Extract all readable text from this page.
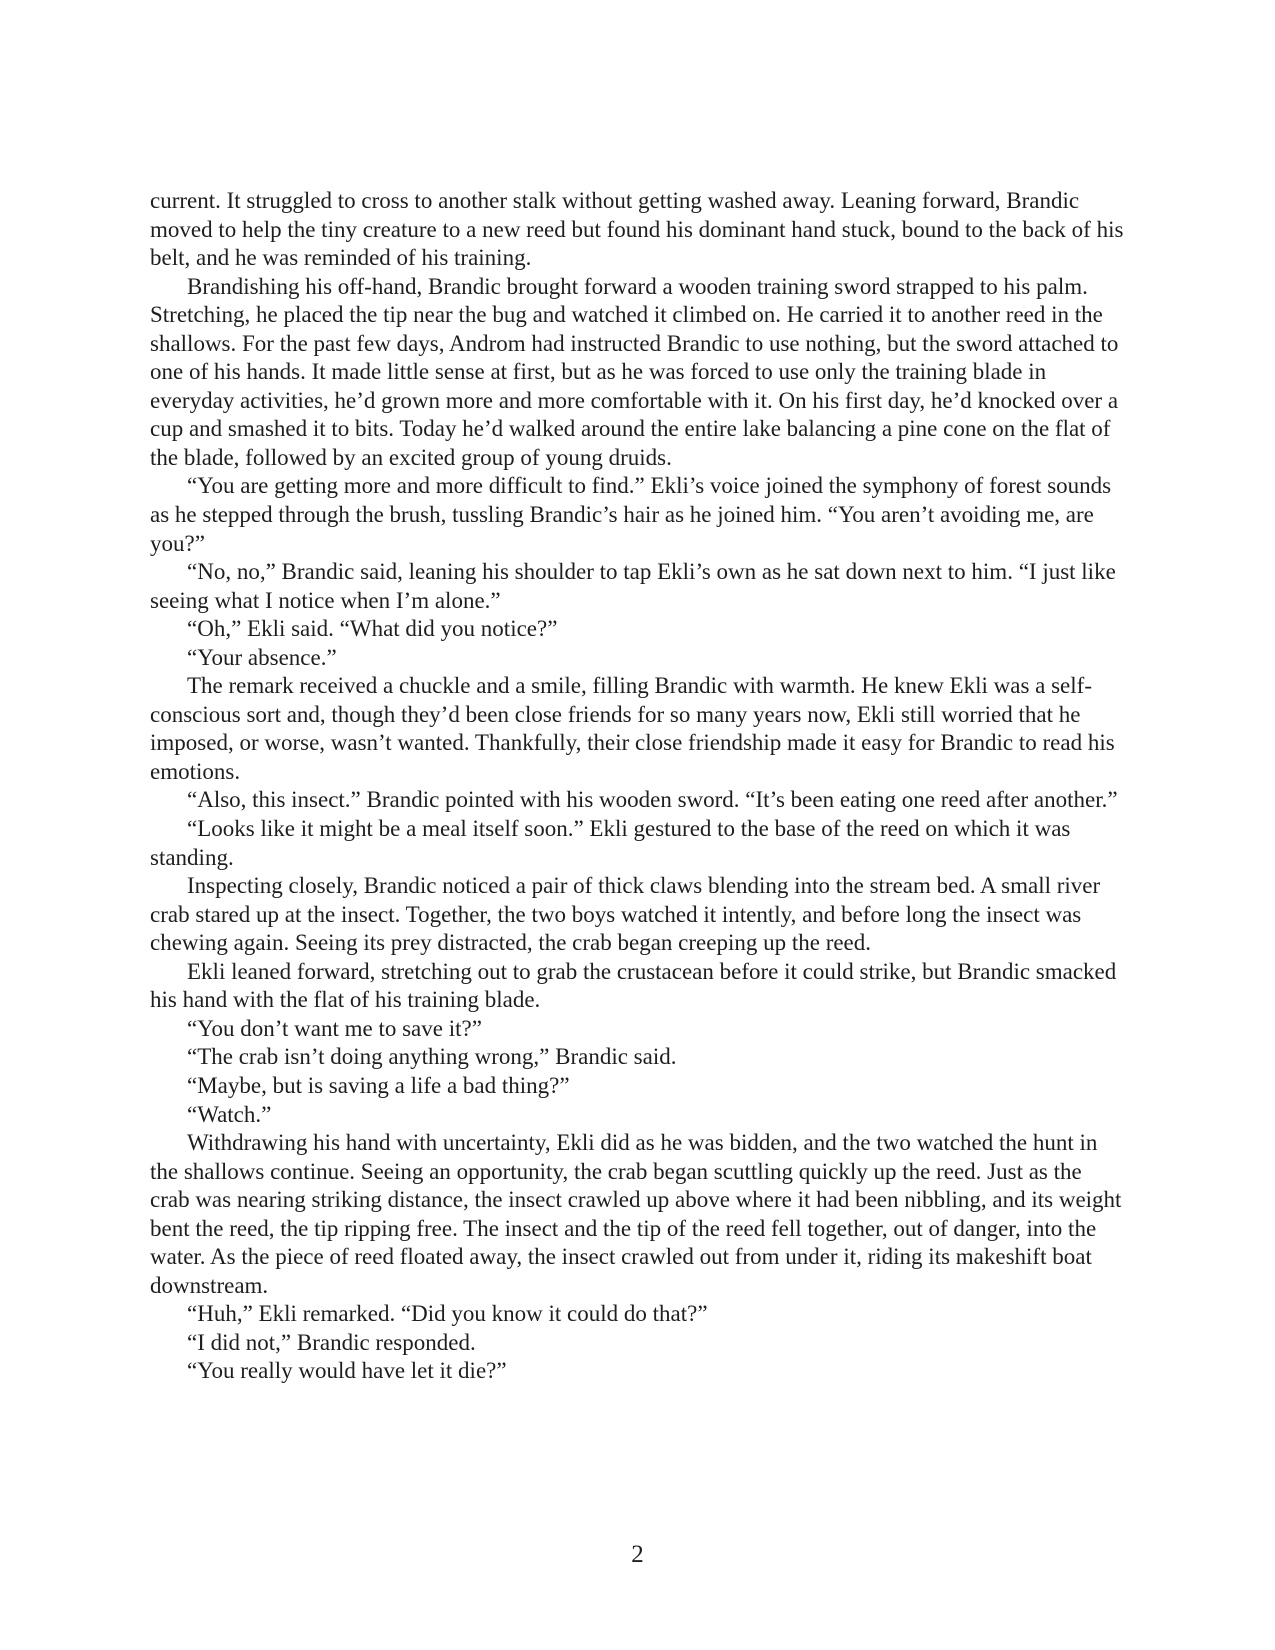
current. It struggled to cross to another stalk without getting washed away. Leaning forward, Brandic moved to help the tiny creature to a new reed but found his dominant hand stuck, bound to the back of his belt, and he was reminded of his training.

Brandishing his off-hand, Brandic brought forward a wooden training sword strapped to his palm. Stretching, he placed the tip near the bug and watched it climbed on. He carried it to another reed in the shallows. For the past few days, Androm had instructed Brandic to use nothing, but the sword attached to one of his hands. It made little sense at first, but as he was forced to use only the training blade in everyday activities, he’d grown more and more comfortable with it. On his first day, he’d knocked over a cup and smashed it to bits. Today he’d walked around the entire lake balancing a pine cone on the flat of the blade, followed by an excited group of young druids.

“You are getting more and more difficult to find.” Ekli’s voice joined the symphony of forest sounds as he stepped through the brush, tussling Brandic’s hair as he joined him. “You aren’t avoiding me, are you?”

“No, no,” Brandic said, leaning his shoulder to tap Ekli’s own as he sat down next to him. “I just like seeing what I notice when I’m alone.”

“Oh,” Ekli said. “What did you notice?”

“Your absence.”

The remark received a chuckle and a smile, filling Brandic with warmth. He knew Ekli was a self-conscious sort and, though they’d been close friends for so many years now, Ekli still worried that he imposed, or worse, wasn’t wanted. Thankfully, their close friendship made it easy for Brandic to read his emotions.

“Also, this insect.” Brandic pointed with his wooden sword. “It’s been eating one reed after another.”

“Looks like it might be a meal itself soon.” Ekli gestured to the base of the reed on which it was standing.

Inspecting closely, Brandic noticed a pair of thick claws blending into the stream bed. A small river crab stared up at the insect. Together, the two boys watched it intently, and before long the insect was chewing again. Seeing its prey distracted, the crab began creeping up the reed.

Ekli leaned forward, stretching out to grab the crustacean before it could strike, but Brandic smacked his hand with the flat of his training blade.

“You don’t want me to save it?”

“The crab isn’t doing anything wrong,” Brandic said.

“Maybe, but is saving a life a bad thing?”

“Watch.”

Withdrawing his hand with uncertainty, Ekli did as he was bidden, and the two watched the hunt in the shallows continue. Seeing an opportunity, the crab began scuttling quickly up the reed. Just as the crab was nearing striking distance, the insect crawled up above where it had been nibbling, and its weight bent the reed, the tip ripping free. The insect and the tip of the reed fell together, out of danger, into the water. As the piece of reed floated away, the insect crawled out from under it, riding its makeshift boat downstream.

“Huh,” Ekli remarked. “Did you know it could do that?”

“I did not,” Brandic responded.

“You really would have let it die?”

2
